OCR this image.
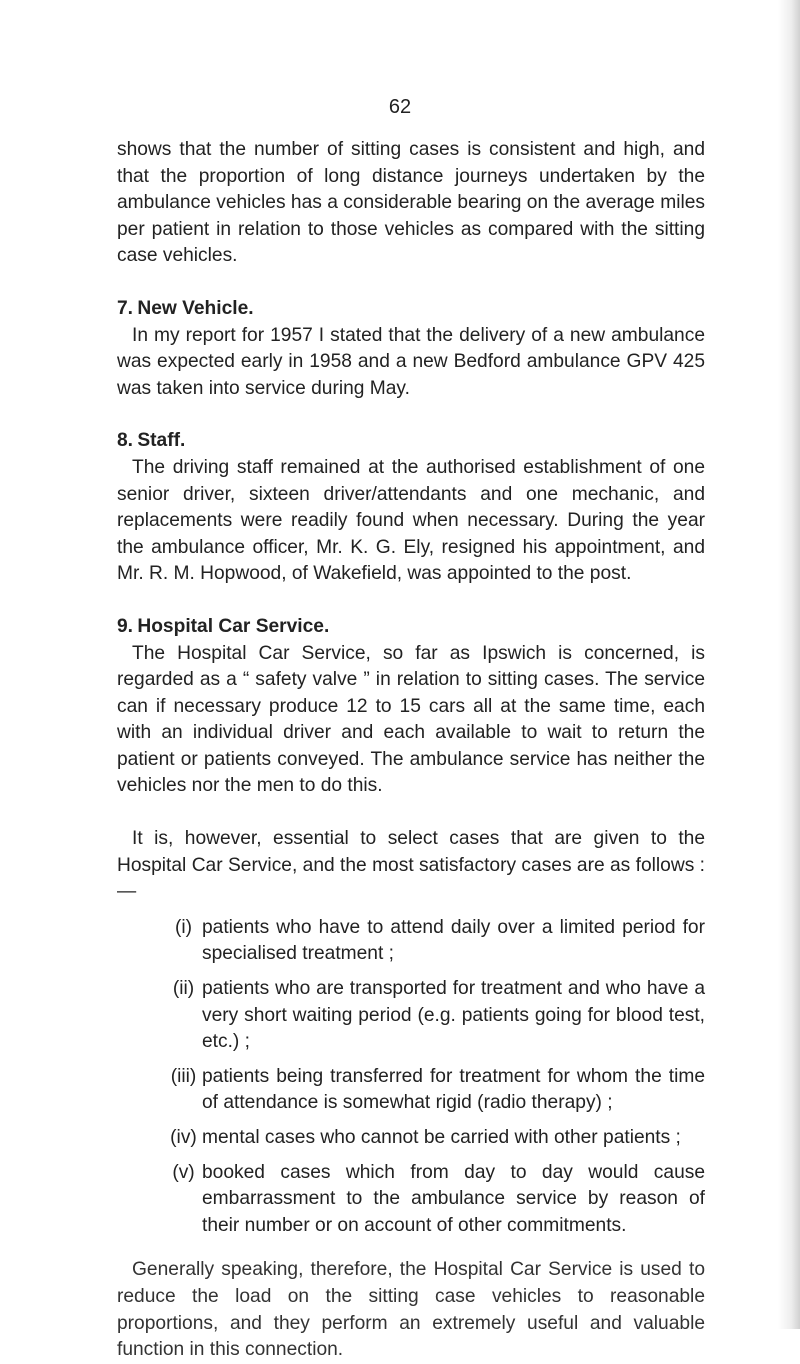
62

shows that the number of sitting cases is consistent and high, and that the proportion of long distance journeys undertaken by the ambulance vehicles has a considerable bearing on the average miles per patient in relation to those vehicles as compared with the sitting case vehicles.

7. New Vehicle.

In my report for 1957 I stated that the delivery of a new ambulance was expected early in 1958 and a new Bedford ambulance GPV 425 was taken into service during May.

8. Staff.

The driving staff remained at the authorised establishment of one senior driver, sixteen driver/attendants and one mechanic, and replacements were readily found when necessary. During the year the ambulance officer, Mr. K. G. Ely, resigned his appointment, and Mr. R. M. Hopwood, of Wakefield, was appointed to the post.

9. Hospital Car Service.

The Hospital Car Service, so far as Ipswich is concerned, is regarded as a “ safety valve ” in relation to sitting cases. The service can if necessary produce 12 to 15 cars all at the same time, each with an individual driver and each available to wait to return the patient or patients conveyed. The ambulance service has neither the vehicles nor the men to do this.

It is, however, essential to select cases that are given to the Hospital Car Service, and the most satisfactory cases are as follows :—

(i) patients who have to attend daily over a limited period for specialised treatment ;
(ii) patients who are transported for treatment and who have a very short waiting period (e.g. patients going for blood test, etc.) ;
(iii) patients being transferred for treatment for whom the time of attendance is somewhat rigid (radio therapy) ;
(iv) mental cases who cannot be carried with other patients ;
(v) booked cases which from day to day would cause embarrassment to the ambulance service by reason of their number or on account of other commitments.

Generally speaking, therefore, the Hospital Car Service is used to reduce the load on the sitting case vehicles to reasonable proportions, and they perform an extremely useful and valuable function in this connection.
